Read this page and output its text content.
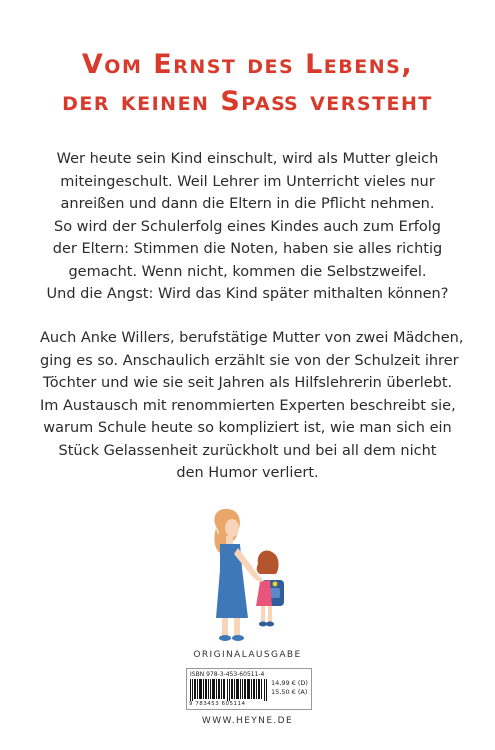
Vom Ernst des Lebens,
der keinen Spaß versteht
Wer heute sein Kind einschult, wird als Mutter gleich
miteingeschult. Weil Lehrer im Unterricht vieles nur
anreißen und dann die Eltern in die Pflicht nehmen.
So wird der Schulerfolg eines Kindes auch zum Erfolg
der Eltern: Stimmen die Noten, haben sie alles richtig
gemacht. Wenn nicht, kommen die Selbstzweifel.
Und die Angst: Wird das Kind später mithalten können?
Auch Anke Willers, berufstätige Mutter von zwei Mädchen,
ging es so. Anschaulich erzählt sie von der Schulzeit ihrer
Töchter und wie sie seit Jahren als Hilfslehrerin überlebt.
Im Austausch mit renommierten Experten beschreibt sie,
warum Schule heute so kompliziert ist, wie man sich ein
Stück Gelassenheit zurückholt und bei all dem nicht
den Humor verliert.
ORIGINALAUSGABE
ISBN 978-3-453-60511-4
9 783453 605114
14,99 € (D)
15,50 € (A)
WWW.HEYNE.DE
